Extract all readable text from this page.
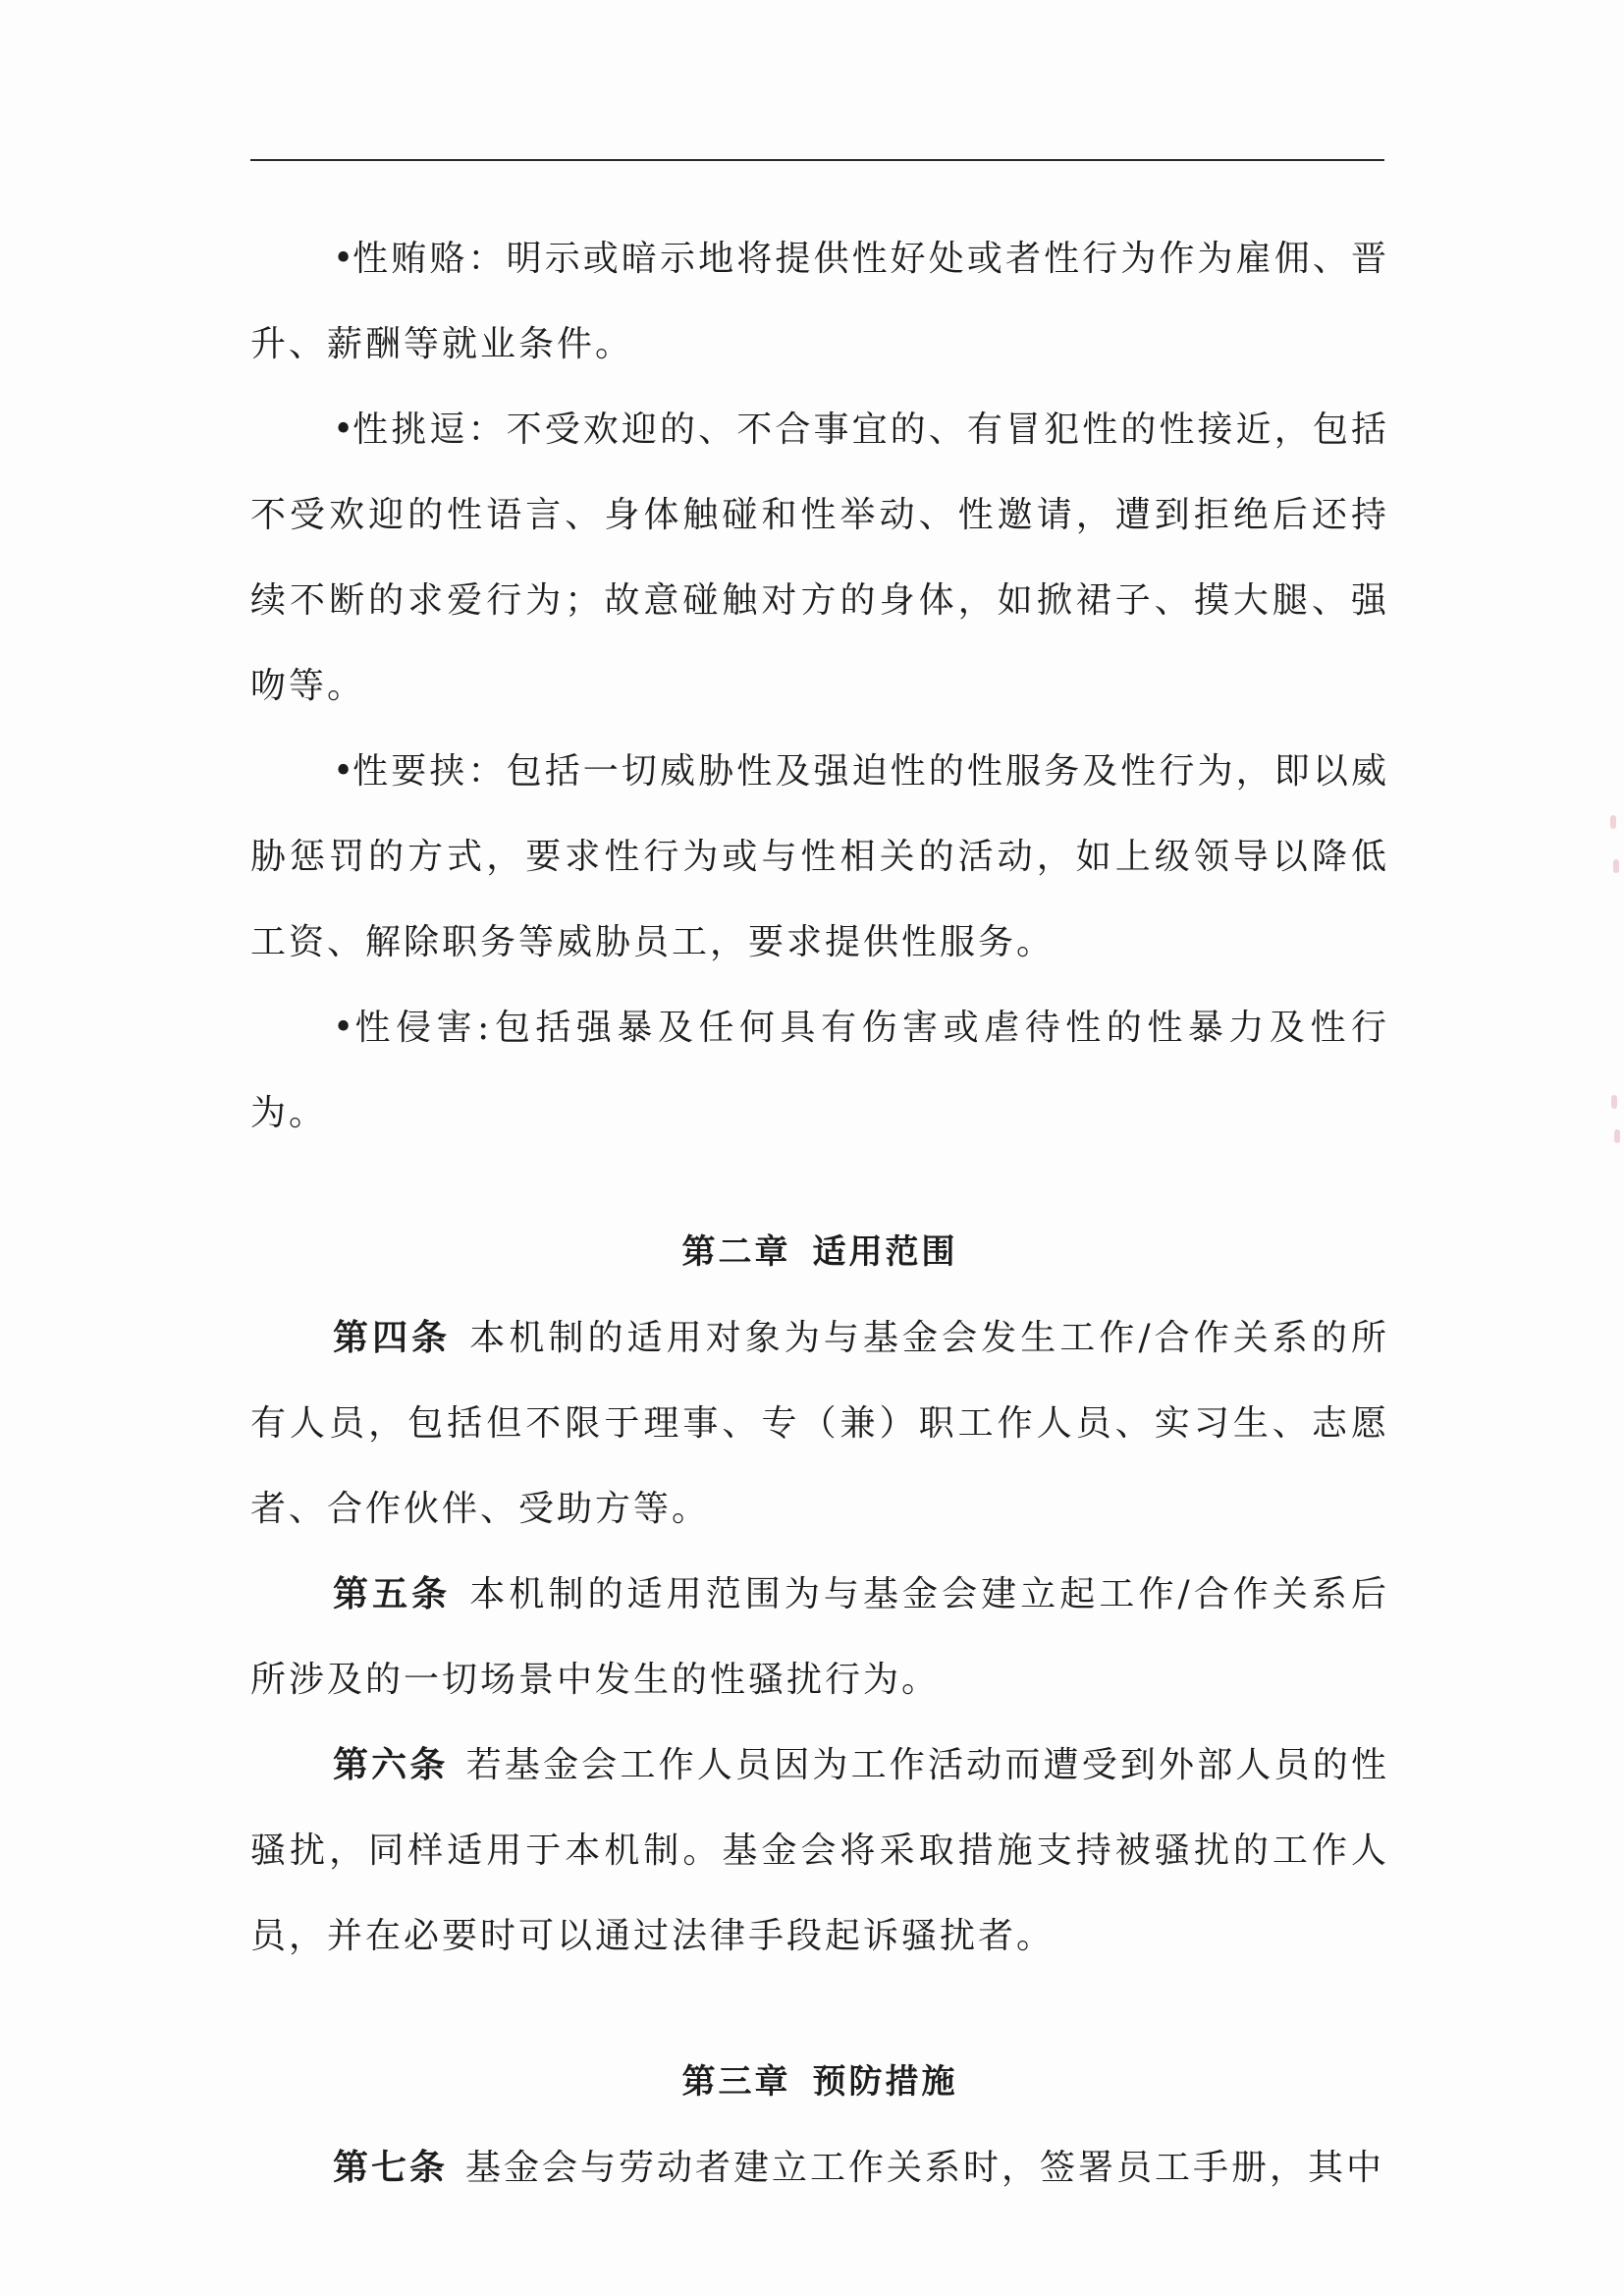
•性贿赂：明示或暗示地将提供性好处或者性行为作为雇佣、晋升、薪酬等就业条件。

•性挑逗：不受欢迎的、不合事宜的、有冒犯性的性接近，包括不受欢迎的性语言、身体触碰和性举动、性邀请，遭到拒绝后还持续不断的求爱行为；故意碰触对方的身体，如掀裙子、摸大腿、强吻等。

•性要挟：包括一切威胁性及强迫性的性服务及性行为，即以威胁惩罚的方式，要求性行为或与性相关的活动，如上级领导以降低工资、解除职务等威胁员工，要求提供性服务。

•性侵害:包括强暴及任何具有伤害或虐待性的性暴力及性行为。

第二章 适用范围

第四条 本机制的适用对象为与基金会发生工作/合作关系的所有人员，包括但不限于理事、专（兼）职工作人员、实习生、志愿者、合作伙伴、受助方等。

第五条 本机制的适用范围为与基金会建立起工作/合作关系后所涉及的一切场景中发生的性骚扰行为。

第六条 若基金会工作人员因为工作活动而遭受到外部人员的性骚扰，同样适用于本机制。基金会将采取措施支持被骚扰的工作人员，并在必要时可以通过法律手段起诉骚扰者。

第三章 预防措施

第七条 基金会与劳动者建立工作关系时，签署员工手册，其中
